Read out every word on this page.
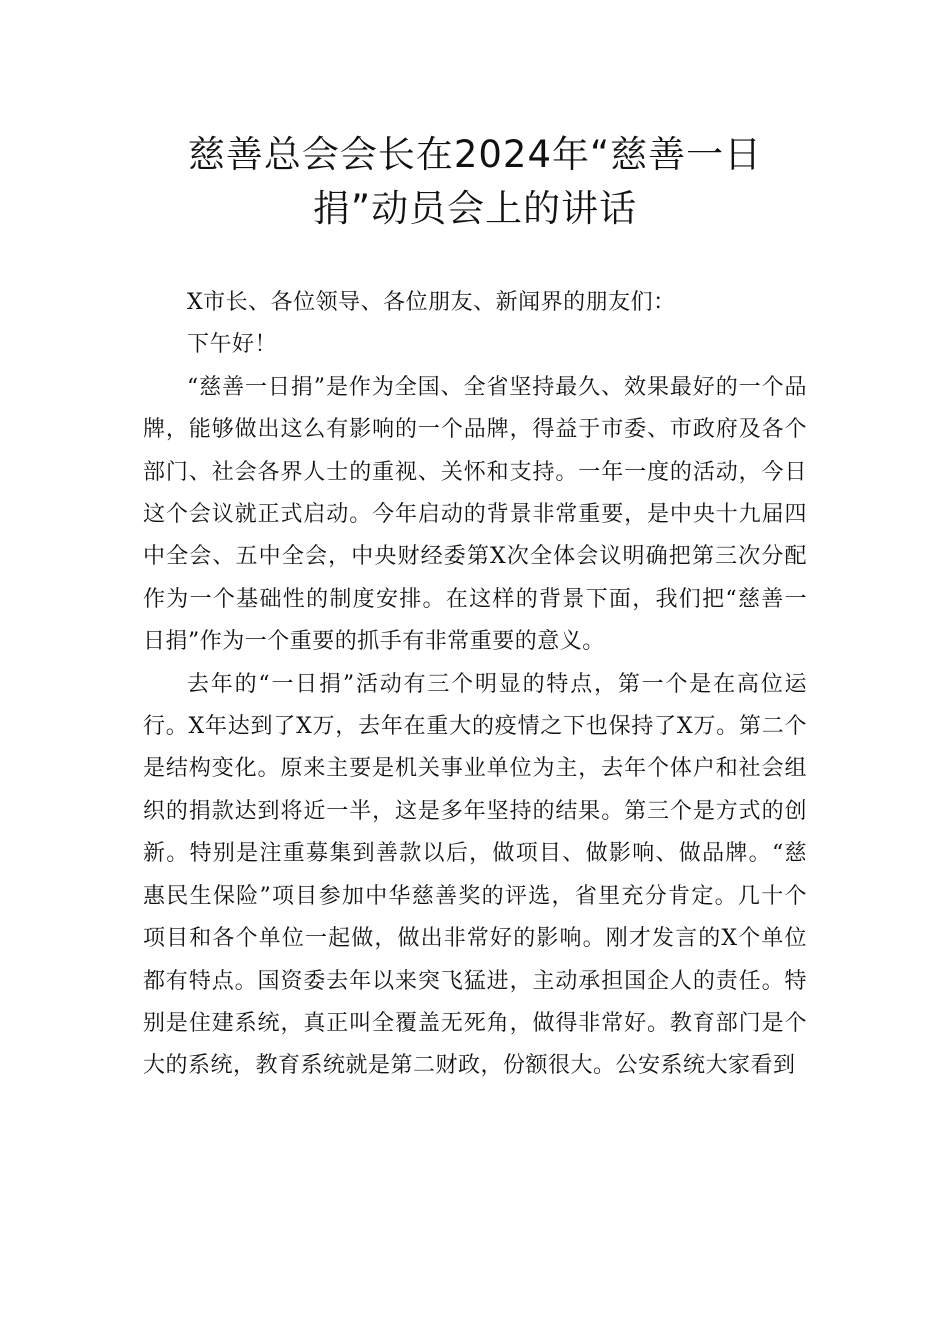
慈善总会会长在2024年“慈善一日
捐”动员会上的讲话

X市长、各位领导、各位朋友、新闻界的朋友们：

下午好！

“慈善一日捐”是作为全国、全省坚持最久、效果最好的一个品牌，能够做出这么有影响的一个品牌，得益于市委、市政府及各个部门、社会各界人士的重视、关怀和支持。一年一度的活动，今日这个会议就正式启动。今年启动的背景非常重要，是中央十九届四中全会、五中全会，中央财经委第X次全体会议明确把第三次分配作为一个基础性的制度安排。在这样的背景下面，我们把“慈善一日捐”作为一个重要的抓手有非常重要的意义。

去年的“一日捐”活动有三个明显的特点，第一个是在高位运行。X年达到了X万，去年在重大的疫情之下也保持了X万。第二个是结构变化。原来主要是机关事业单位为主，去年个体户和社会组织的捐款达到将近一半，这是多年坚持的结果。第三个是方式的创新。特别是注重募集到善款以后，做项目、做影响、做品牌。“慈惠民生保险”项目参加中华慈善奖的评选，省里充分肯定。几十个项目和各个单位一起做，做出非常好的影响。刚才发言的X个单位都有特点。国资委去年以来突飞猛进，主动承担国企人的责任。特别是住建系统，真正叫全覆盖无死角，做得非常好。教育部门是个大的系统，教育系统就是第二财政，份额很大。公安系统大家看到
